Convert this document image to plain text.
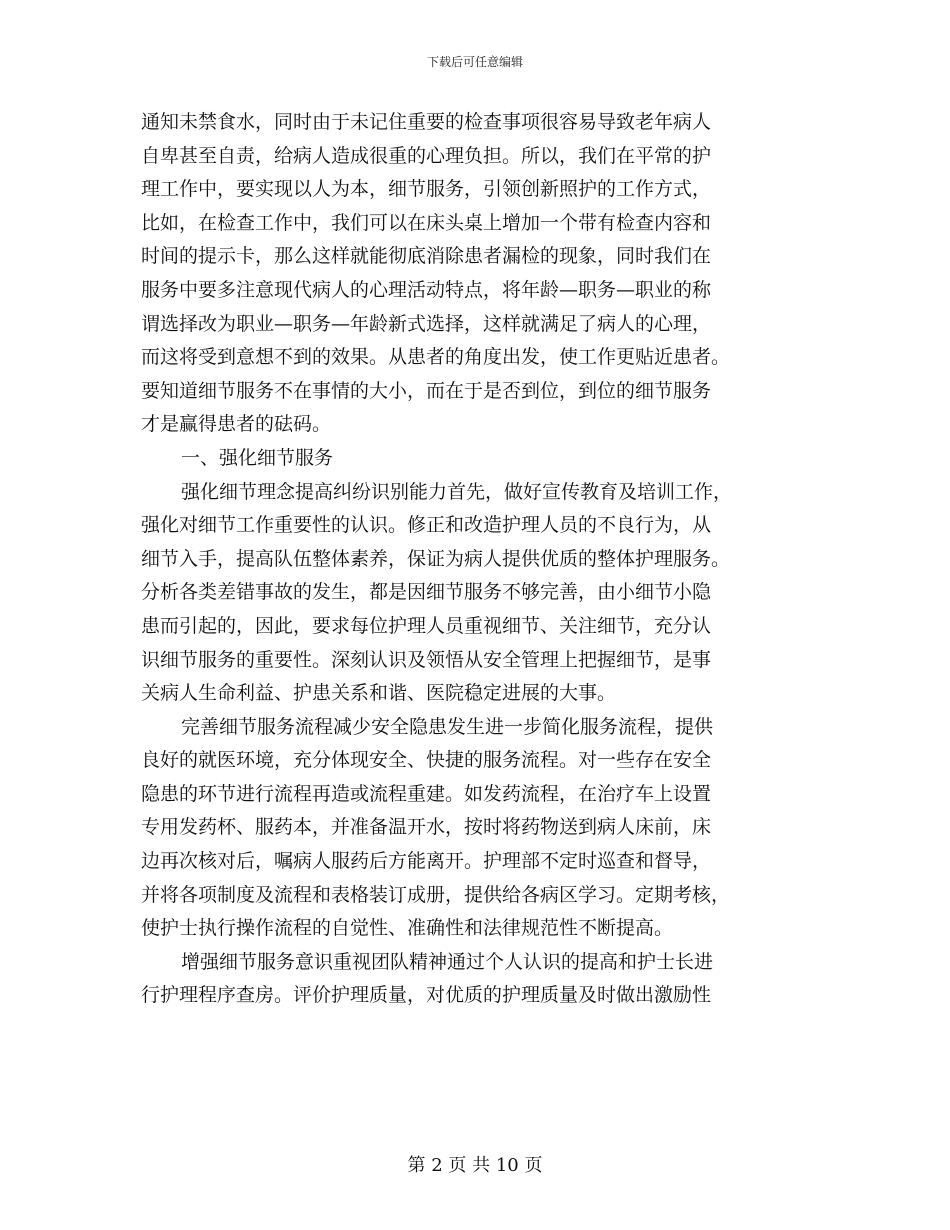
下载后可任意编辑
通知未禁食水，同时由于未记住重要的检查事项很容易导致老年病人
自卑甚至自责，给病人造成很重的心理负担。所以，我们在平常的护
理工作中，要实现以人为本，细节服务，引领创新照护的工作方式，
比如，在检查工作中，我们可以在床头桌上增加一个带有检查内容和
时间的提示卡，那么这样就能彻底消除患者漏检的现象，同时我们在
服务中要多注意现代病人的心理活动特点，将年龄—职务—职业的称
谓选择改为职业—职务—年龄新式选择，这样就满足了病人的心理，
而这将受到意想不到的效果。从患者的角度出发，使工作更贴近患者。
要知道细节服务不在事情的大小，而在于是否到位，到位的细节服务
才是赢得患者的砝码。
一、强化细节服务
强化细节理念提高纠纷识别能力首先，做好宣传教育及培训工作，
强化对细节工作重要性的认识。修正和改造护理人员的不良行为，从
细节入手，提高队伍整体素养，保证为病人提供优质的整体护理服务。
分析各类差错事故的发生，都是因细节服务不够完善，由小细节小隐
患而引起的，因此，要求每位护理人员重视细节、关注细节，充分认
识细节服务的重要性。深刻认识及领悟从安全管理上把握细节，是事
关病人生命利益、护患关系和谐、医院稳定进展的大事。
完善细节服务流程减少安全隐患发生进一步简化服务流程，提供
良好的就医环境，充分体现安全、快捷的服务流程。对一些存在安全
隐患的环节进行流程再造或流程重建。如发药流程，在治疗车上设置
专用发药杯、服药本，并准备温开水，按时将药物送到病人床前，床
边再次核对后，嘱病人服药后方能离开。护理部不定时巡查和督导，
并将各项制度及流程和表格装订成册，提供给各病区学习。定期考核，
使护士执行操作流程的自觉性、准确性和法律规范性不断提高。
增强细节服务意识重视团队精神通过个人认识的提高和护士长进
行护理程序查房。评价护理质量，对优质的护理质量及时做出激励性
第 2 页 共 10 页
